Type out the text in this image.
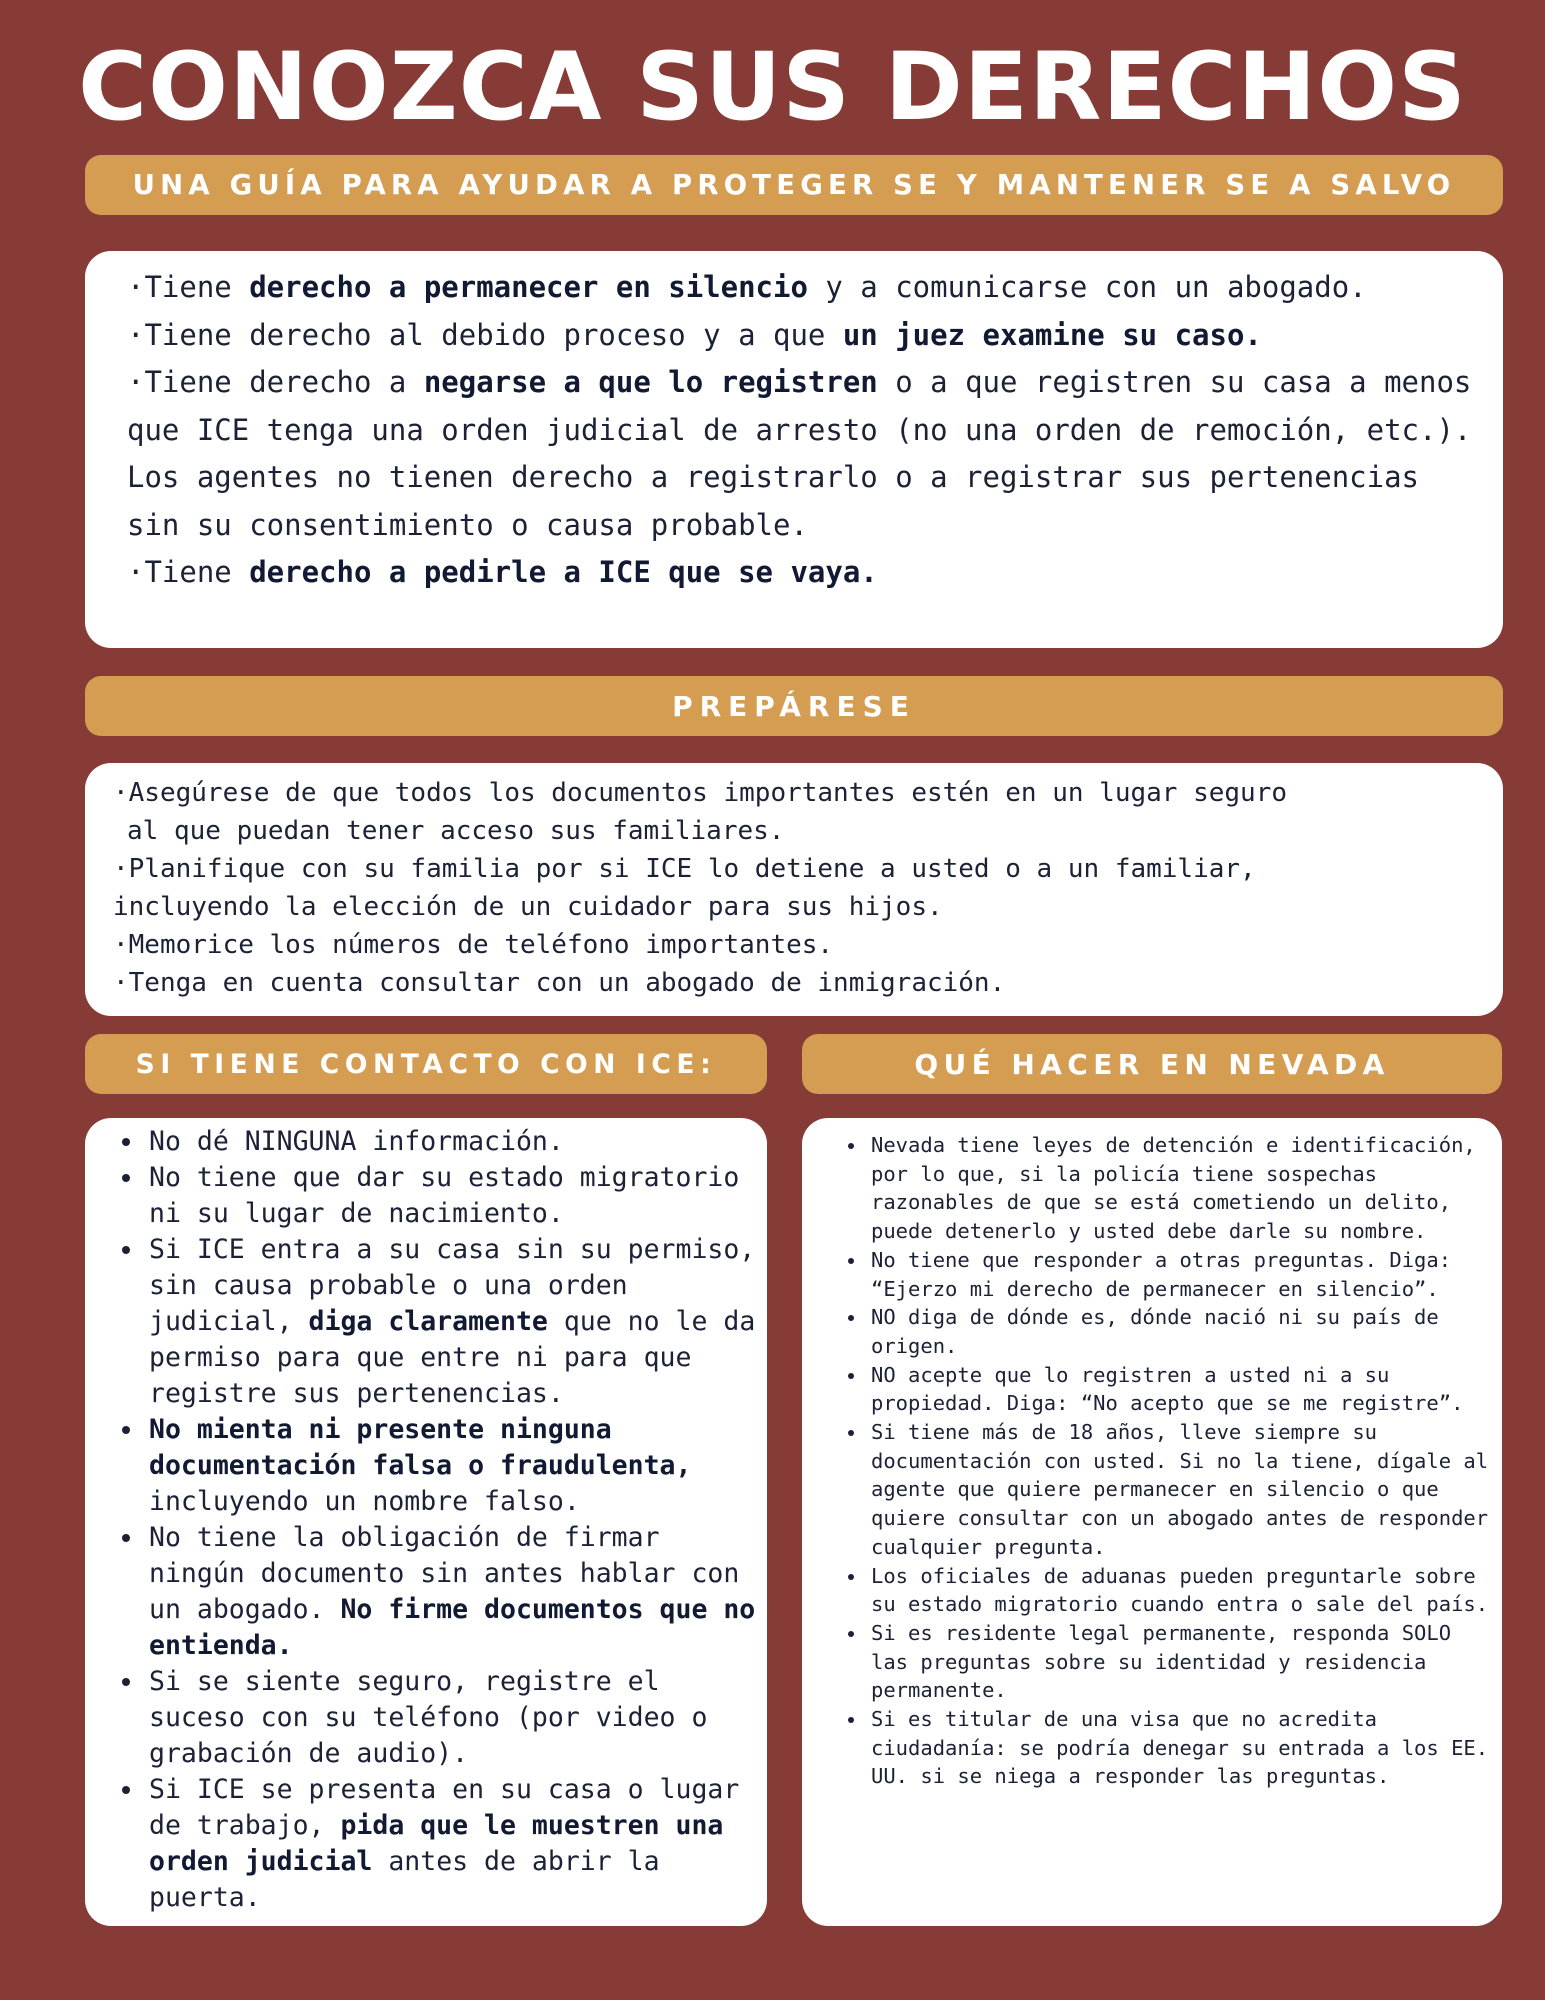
CONOZCA SUS DERECHOS
UNA GUÍA PARA AYUDAR A PROTEGER SE Y MANTENER SE A SALVO

·Tiene derecho a permanecer en silencio y a comunicarse con un abogado.

·Tiene derecho al debido proceso y a que un juez examine su caso.

·Tiene derecho a negarse a que lo registren o a que registren su casa a menos que ICE tenga una orden judicial de arresto (no una orden de remoción, etc.). Los agentes no tienen derecho a registrarlo o a registrar sus pertenencias sin su consentimiento o causa probable.

·Tiene derecho a pedirle a ICE que se vaya.

PREPÁRESE

·Asegúrese de que todos los documentos importantes estén en un lugar seguro

al que puedan tener acceso sus familiares.

·Planifique con su familia por si ICE lo detiene a usted o a un familiar,

incluyendo la elección de un cuidador para sus hijos.

·Memorice los números de teléfono importantes.

·Tenga en cuenta consultar con un abogado de inmigración.

SI TIENE CONTACTO CON ICE:	QUÉ HACER EN NEVADA
• No dé NINGUNA información.
• No tiene que dar su estado migratorio ni su lugar de nacimiento.
• Si ICE entra a su casa sin su permiso, sin causa probable o una orden judicial, diga claramente que no le da permiso para que entre ni para que registre sus pertenencias.
• No mienta ni presente ninguna documentación falsa o fraudulenta, incluyendo un nombre falso.
• No tiene la obligación de firmar ningún documento sin antes hablar con un abogado. No firme documentos que no entienda.
• Si se siente seguro, registre el suceso con su teléfono (por video o grabación de audio).
• Si ICE se presenta en su casa o lugar de trabajo, pida que le muestren una orden judicial antes de abrir la puerta.
• Nevada tiene leyes de detención e identificación, por lo que, si la policía tiene sospechas razonables de que se está cometiendo un delito, puede detenerlo y usted debe darle su nombre.
• No tiene que responder a otras preguntas. Diga: “Ejerzo mi derecho de permanecer en silencio”.
• NO diga de dónde es, dónde nació ni su país de origen.
• NO acepte que lo registren a usted ni a su propiedad. Diga: “No acepto que se me registre”.
• Si tiene más de 18 años, lleve siempre su documentación con usted. Si no la tiene, dígale al agente que quiere permanecer en silencio o que quiere consultar con un abogado antes de responder cualquier pregunta.
• Los oficiales de aduanas pueden preguntarle sobre su estado migratorio cuando entra o sale del país.
• Si es residente legal permanente, responda SOLO las preguntas sobre su identidad y residencia permanente.
• Si es titular de una visa que no acredita ciudadanía: se podría denegar su entrada a los EE. UU. si se niega a responder las preguntas.
